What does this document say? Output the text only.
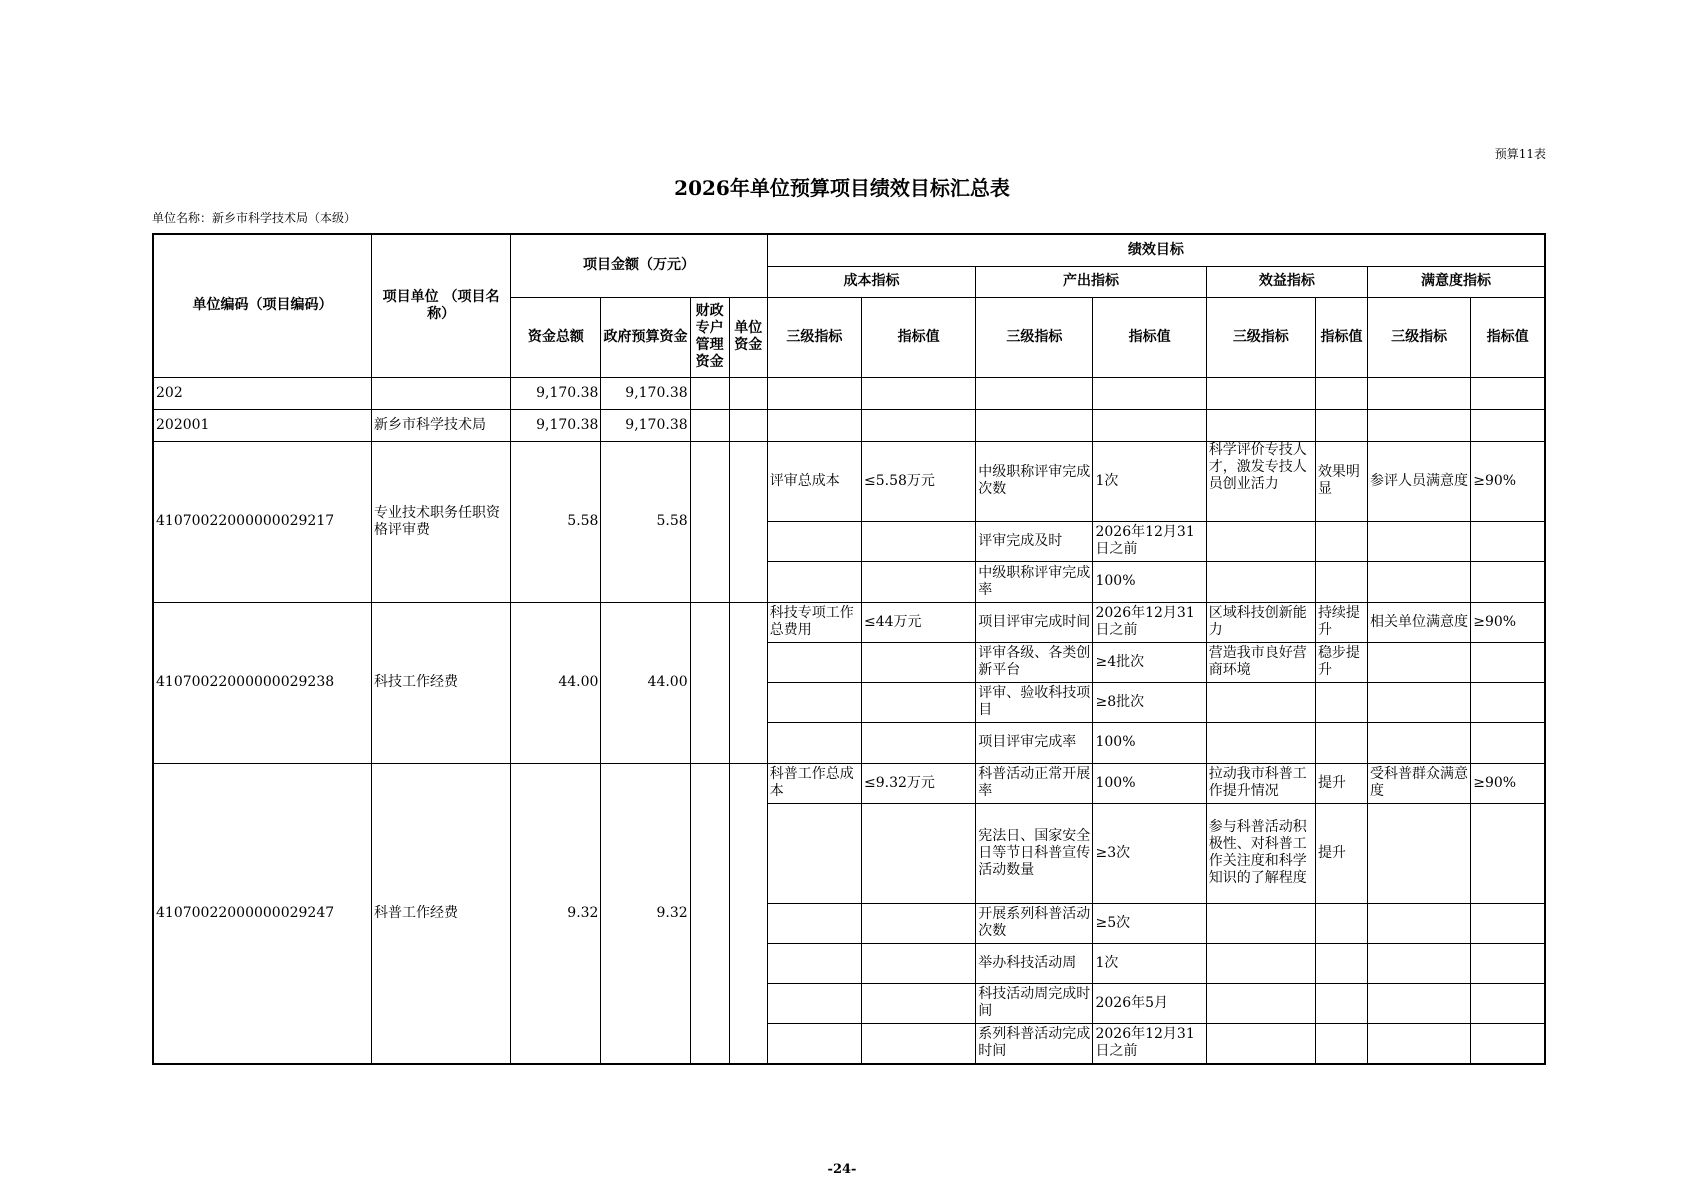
预算11表
2026年单位预算项目绩效目标汇总表
单位名称：新乡市科学技术局（本级）
单位编码（项目编码）	项目单位 （项目名称）	项目金额（万元）				绩效目标							
						成本指标		产出指标		效益指标		满意度指标	
		资金总额	政府预算资金	财政专户管理资金	单位资金	三级指标	指标值	三级指标	指标值	三级指标	指标值	三级指标	指标值
202		9,170.38	9,170.38										
202001	新乡市科学技术局	9,170.38	9,170.38										
41070022000000029217	专业技术职务任职资格评审费	5.58	5.58			评审总成本	≤5.58万元	中级职称评审完成次数	1次	科学评价专技人才，激发专技人员创业活力	效果明显	参评人员满意度	≥90%
								评审完成及时	2026年12月31日之前				
								中级职称评审完成率	100%				
41070022000000029238	科技工作经费	44.00	44.00			科技专项工作总费用	≤44万元	项目评审完成时间	2026年12月31日之前	区域科技创新能力	持续提升	相关单位满意度	≥90%
								评审各级、各类创新平台	≥4批次	营造我市良好营商环境	稳步提升		
								评审、验收科技项目	≥8批次				
								项目评审完成率	100%				
41070022000000029247	科普工作经费	9.32	9.32			科普工作总成本	≤9.32万元	科普活动正常开展率	100%	拉动我市科普工作提升情况	提升	受科普群众满意度	≥90%
								宪法日、国家安全日等节日科普宣传活动数量	≥3次	参与科普活动积极性、对科普工作关注度和科学知识的了解程度	提升		
								开展系列科普活动次数	≥5次				
								举办科技活动周	1次				
								科技活动周完成时间	2026年5月				
								系列科普活动完成时间	2026年12月31日之前				
-24-
